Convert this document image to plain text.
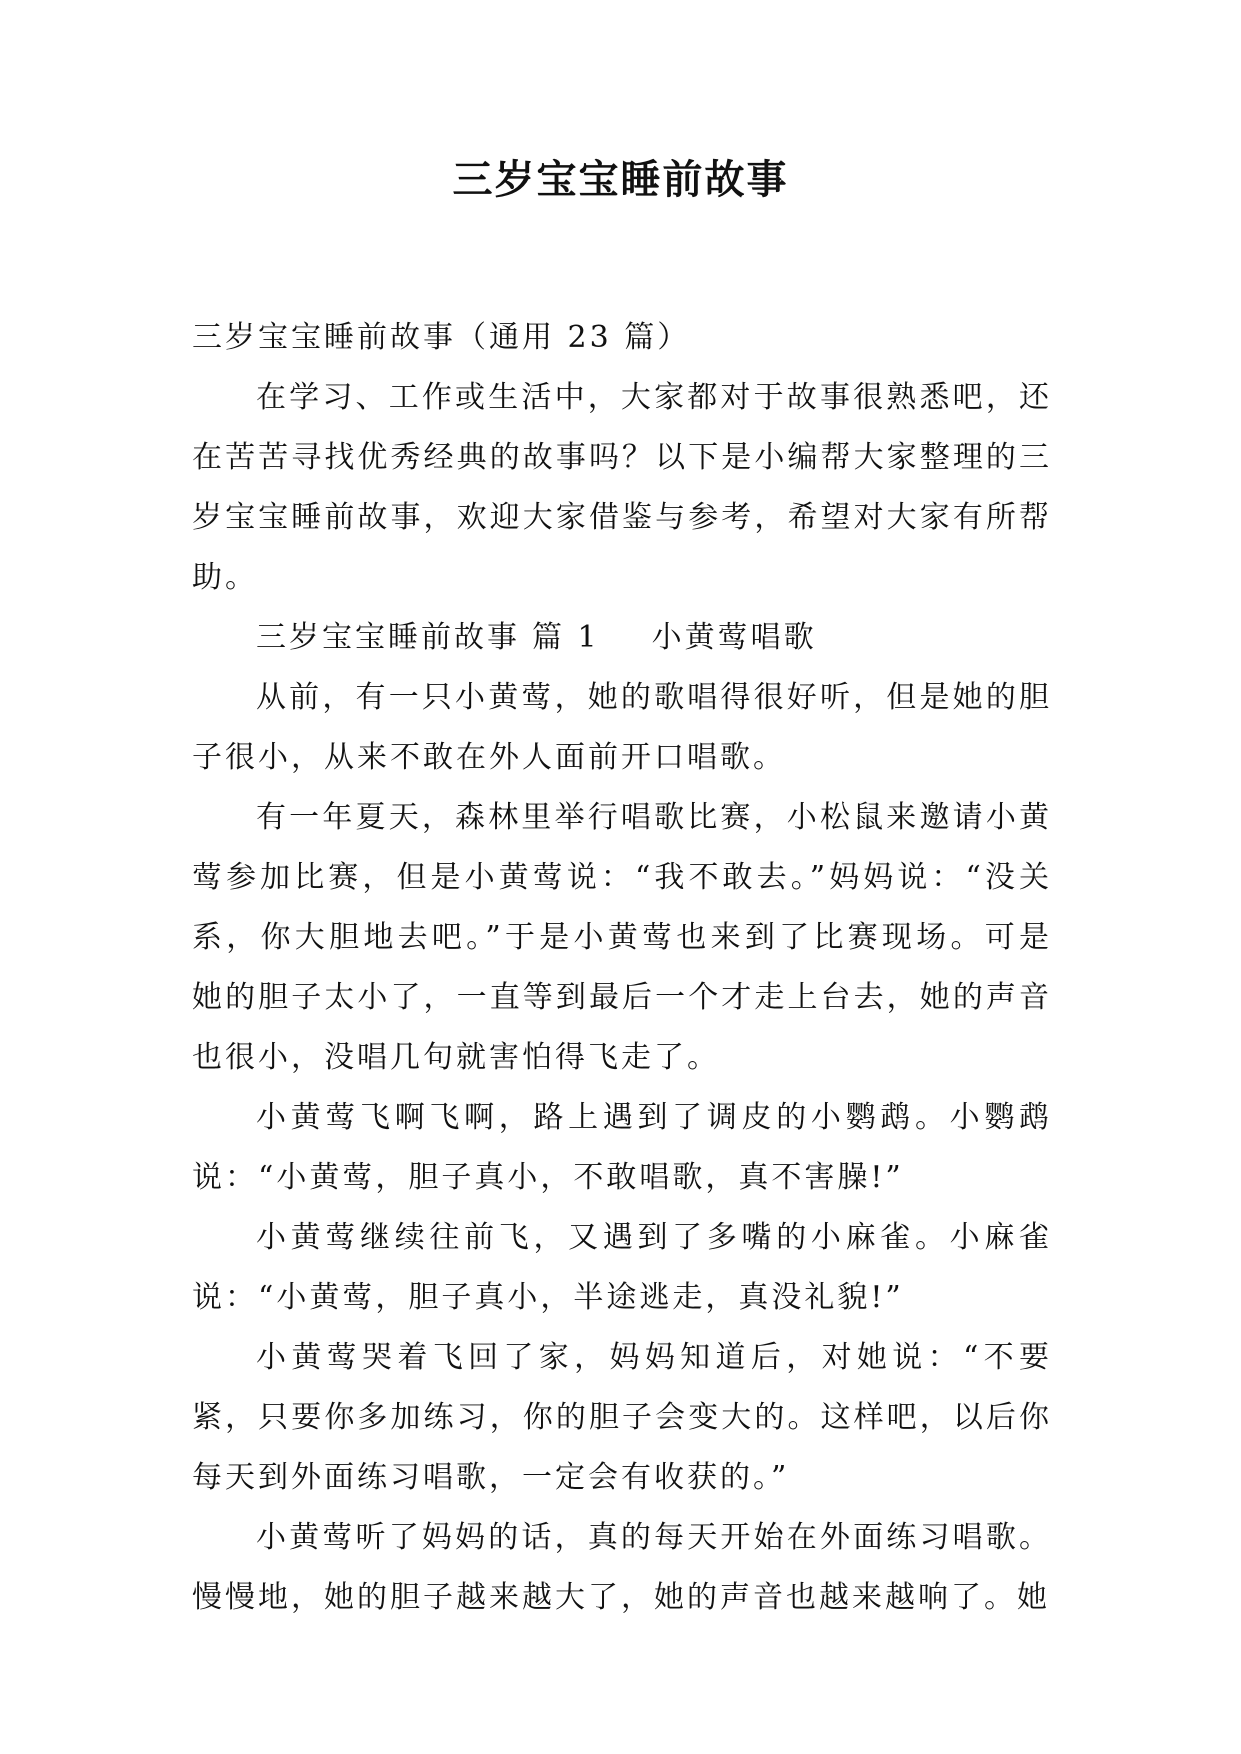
三岁宝宝睡前故事

三岁宝宝睡前故事（通用 23 篇）

在学习、工作或生活中，大家都对于故事很熟悉吧，还在苦苦寻找优秀经典的故事吗？以下是小编帮大家整理的三岁宝宝睡前故事，欢迎大家借鉴与参考，希望对大家有所帮助。

三岁宝宝睡前故事 篇 1 小黄莺唱歌

从前，有一只小黄莺，她的歌唱得很好听，但是她的胆子很小，从来不敢在外人面前开口唱歌。

有一年夏天，森林里举行唱歌比赛，小松鼠来邀请小黄莺参加比赛，但是小黄莺说：“我不敢去。”妈妈说：“没关系，你大胆地去吧。”于是小黄莺也来到了比赛现场。可是她的胆子太小了，一直等到最后一个才走上台去，她的声音也很小，没唱几句就害怕得飞走了。

小黄莺飞啊飞啊，路上遇到了调皮的小鹦鹉。小鹦鹉说：“小黄莺，胆子真小，不敢唱歌，真不害臊!”

小黄莺继续往前飞，又遇到了多嘴的小麻雀。小麻雀说：“小黄莺，胆子真小，半途逃走，真没礼貌!”

小黄莺哭着飞回了家，妈妈知道后，对她说：“不要紧，只要你多加练习，你的胆子会变大的。这样吧，以后你每天到外面练习唱歌，一定会有收获的。”

小黄莺听了妈妈的话，真的每天开始在外面练习唱歌。慢慢地，她的胆子越来越大了，她的声音也越来越响了。她
